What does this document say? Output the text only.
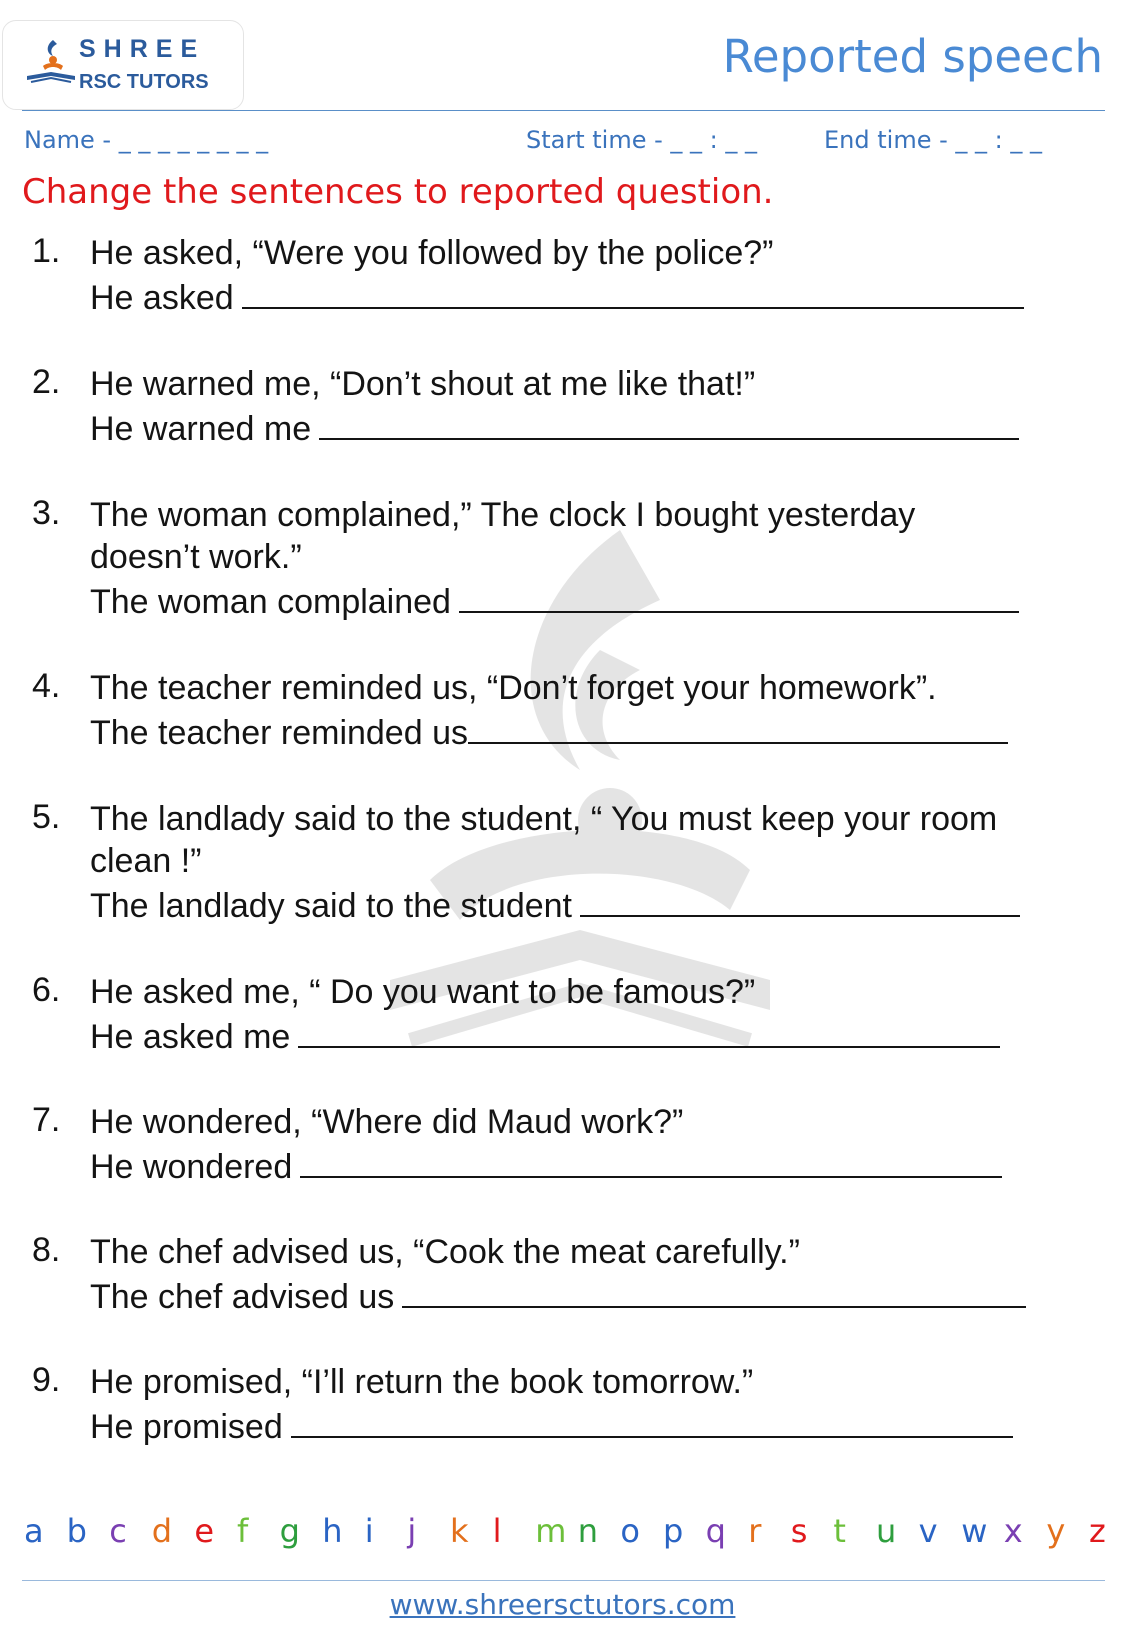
SHREE
RSC TUTORS	Reported speech
Name - _ _ _ _ _ _ _ _	Start time - _ _ : _ _	End time - _ _ : _ _
Change the sentences to reported question.
1. He asked, “Were you followed by the police?”
He asked
2. He warned me, “Don’t shout at me like that!”
He warned me
3. The woman complained,” The clock I bought yesterday
doesn’t work.”
The woman complained
4. The teacher reminded us, “Don’t forget your homework”.
The teacher reminded us
5. The landlady said to the student, “ You must keep your room
clean !”
The landlady said to the student
6. He asked me, “ Do you want to be famous?”
He asked me
7. He wondered, “Where did Maud work?”
He wondered
8. The chef advised us, “Cook the meat carefully.”
The chef advised us
9. He promised, “I’ll return the book tomorrow.”
He promised
a b c d e f g h i j k l m n o p q r s t u v w x y z
www.shreersctutors.com
